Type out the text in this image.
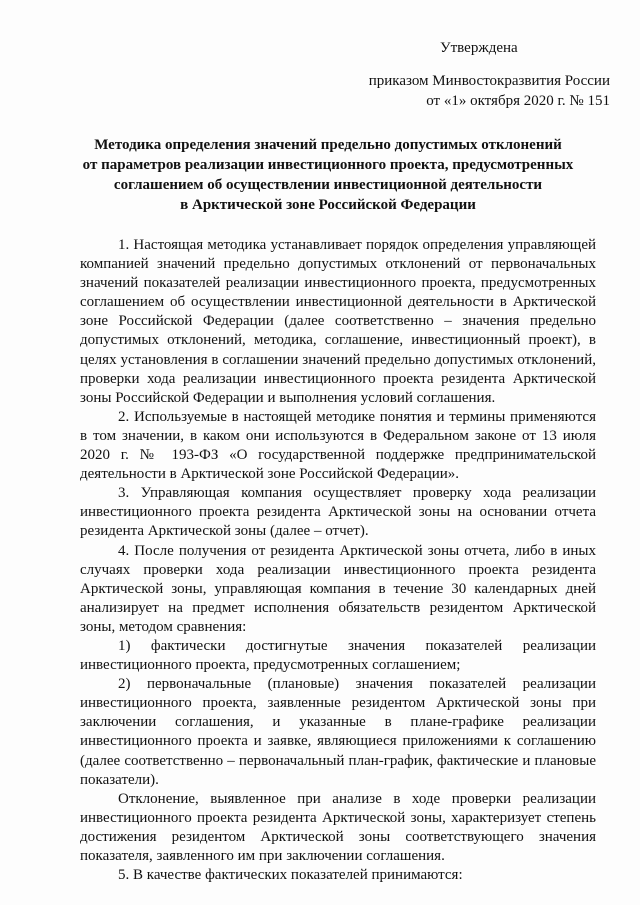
Утверждена
приказом Минвостокразвития России
от «1» октября 2020 г. № 151
Методика определения значений предельно допустимых отклонений
от параметров реализации инвестиционного проекта, предусмотренных
соглашением об осуществлении инвестиционной деятельности
в Арктической зоне Российской Федерации

1. Настоящая методика устанавливает порядок определения управляющей компанией значений предельно допустимых отклонений от первоначальных значений показателей реализации инвестиционного проекта, предусмотренных соглашением об осуществлении инвестиционной деятельности в Арктической зоне Российской Федерации (далее соответственно – значения предельно допустимых отклонений, методика, соглашение, инвестиционный проект), в целях установления в соглашении значений предельно допустимых отклонений, проверки хода реализации инвестиционного проекта резидента Арктической зоны Российской Федерации и выполнения условий соглашения.

2. Используемые в настоящей методике понятия и термины применяются в том значении, в каком они используются в Федеральном законе от 13 июля 2020 г. № 193-ФЗ «О государственной поддержке предпринимательской деятельности в Арктической зоне Российской Федерации».

3. Управляющая компания осуществляет проверку хода реализации инвестиционного проекта резидента Арктической зоны на основании отчета резидента Арктической зоны (далее – отчет).

4. После получения от резидента Арктической зоны отчета, либо в иных случаях проверки хода реализации инвестиционного проекта резидента Арктической зоны, управляющая компания в течение 30 календарных дней анализирует на предмет исполнения обязательств резидентом Арктической зоны, методом сравнения:

1) фактически достигнутые значения показателей реализации инвестиционного проекта, предусмотренных соглашением;

2) первоначальные (плановые) значения показателей реализации инвестиционного проекта, заявленные резидентом Арктической зоны при заключении соглашения, и указанные в плане-графике реализации инвестиционного проекта и заявке, являющиеся приложениями к соглашению (далее соответственно – первоначальный план-график, фактические и плановые показатели).

Отклонение, выявленное при анализе в ходе проверки реализации инвестиционного проекта резидента Арктической зоны, характеризует степень достижения резидентом Арктической зоны соответствующего значения показателя, заявленного им при заключении соглашения.

5. В качестве фактических показателей принимаются:
